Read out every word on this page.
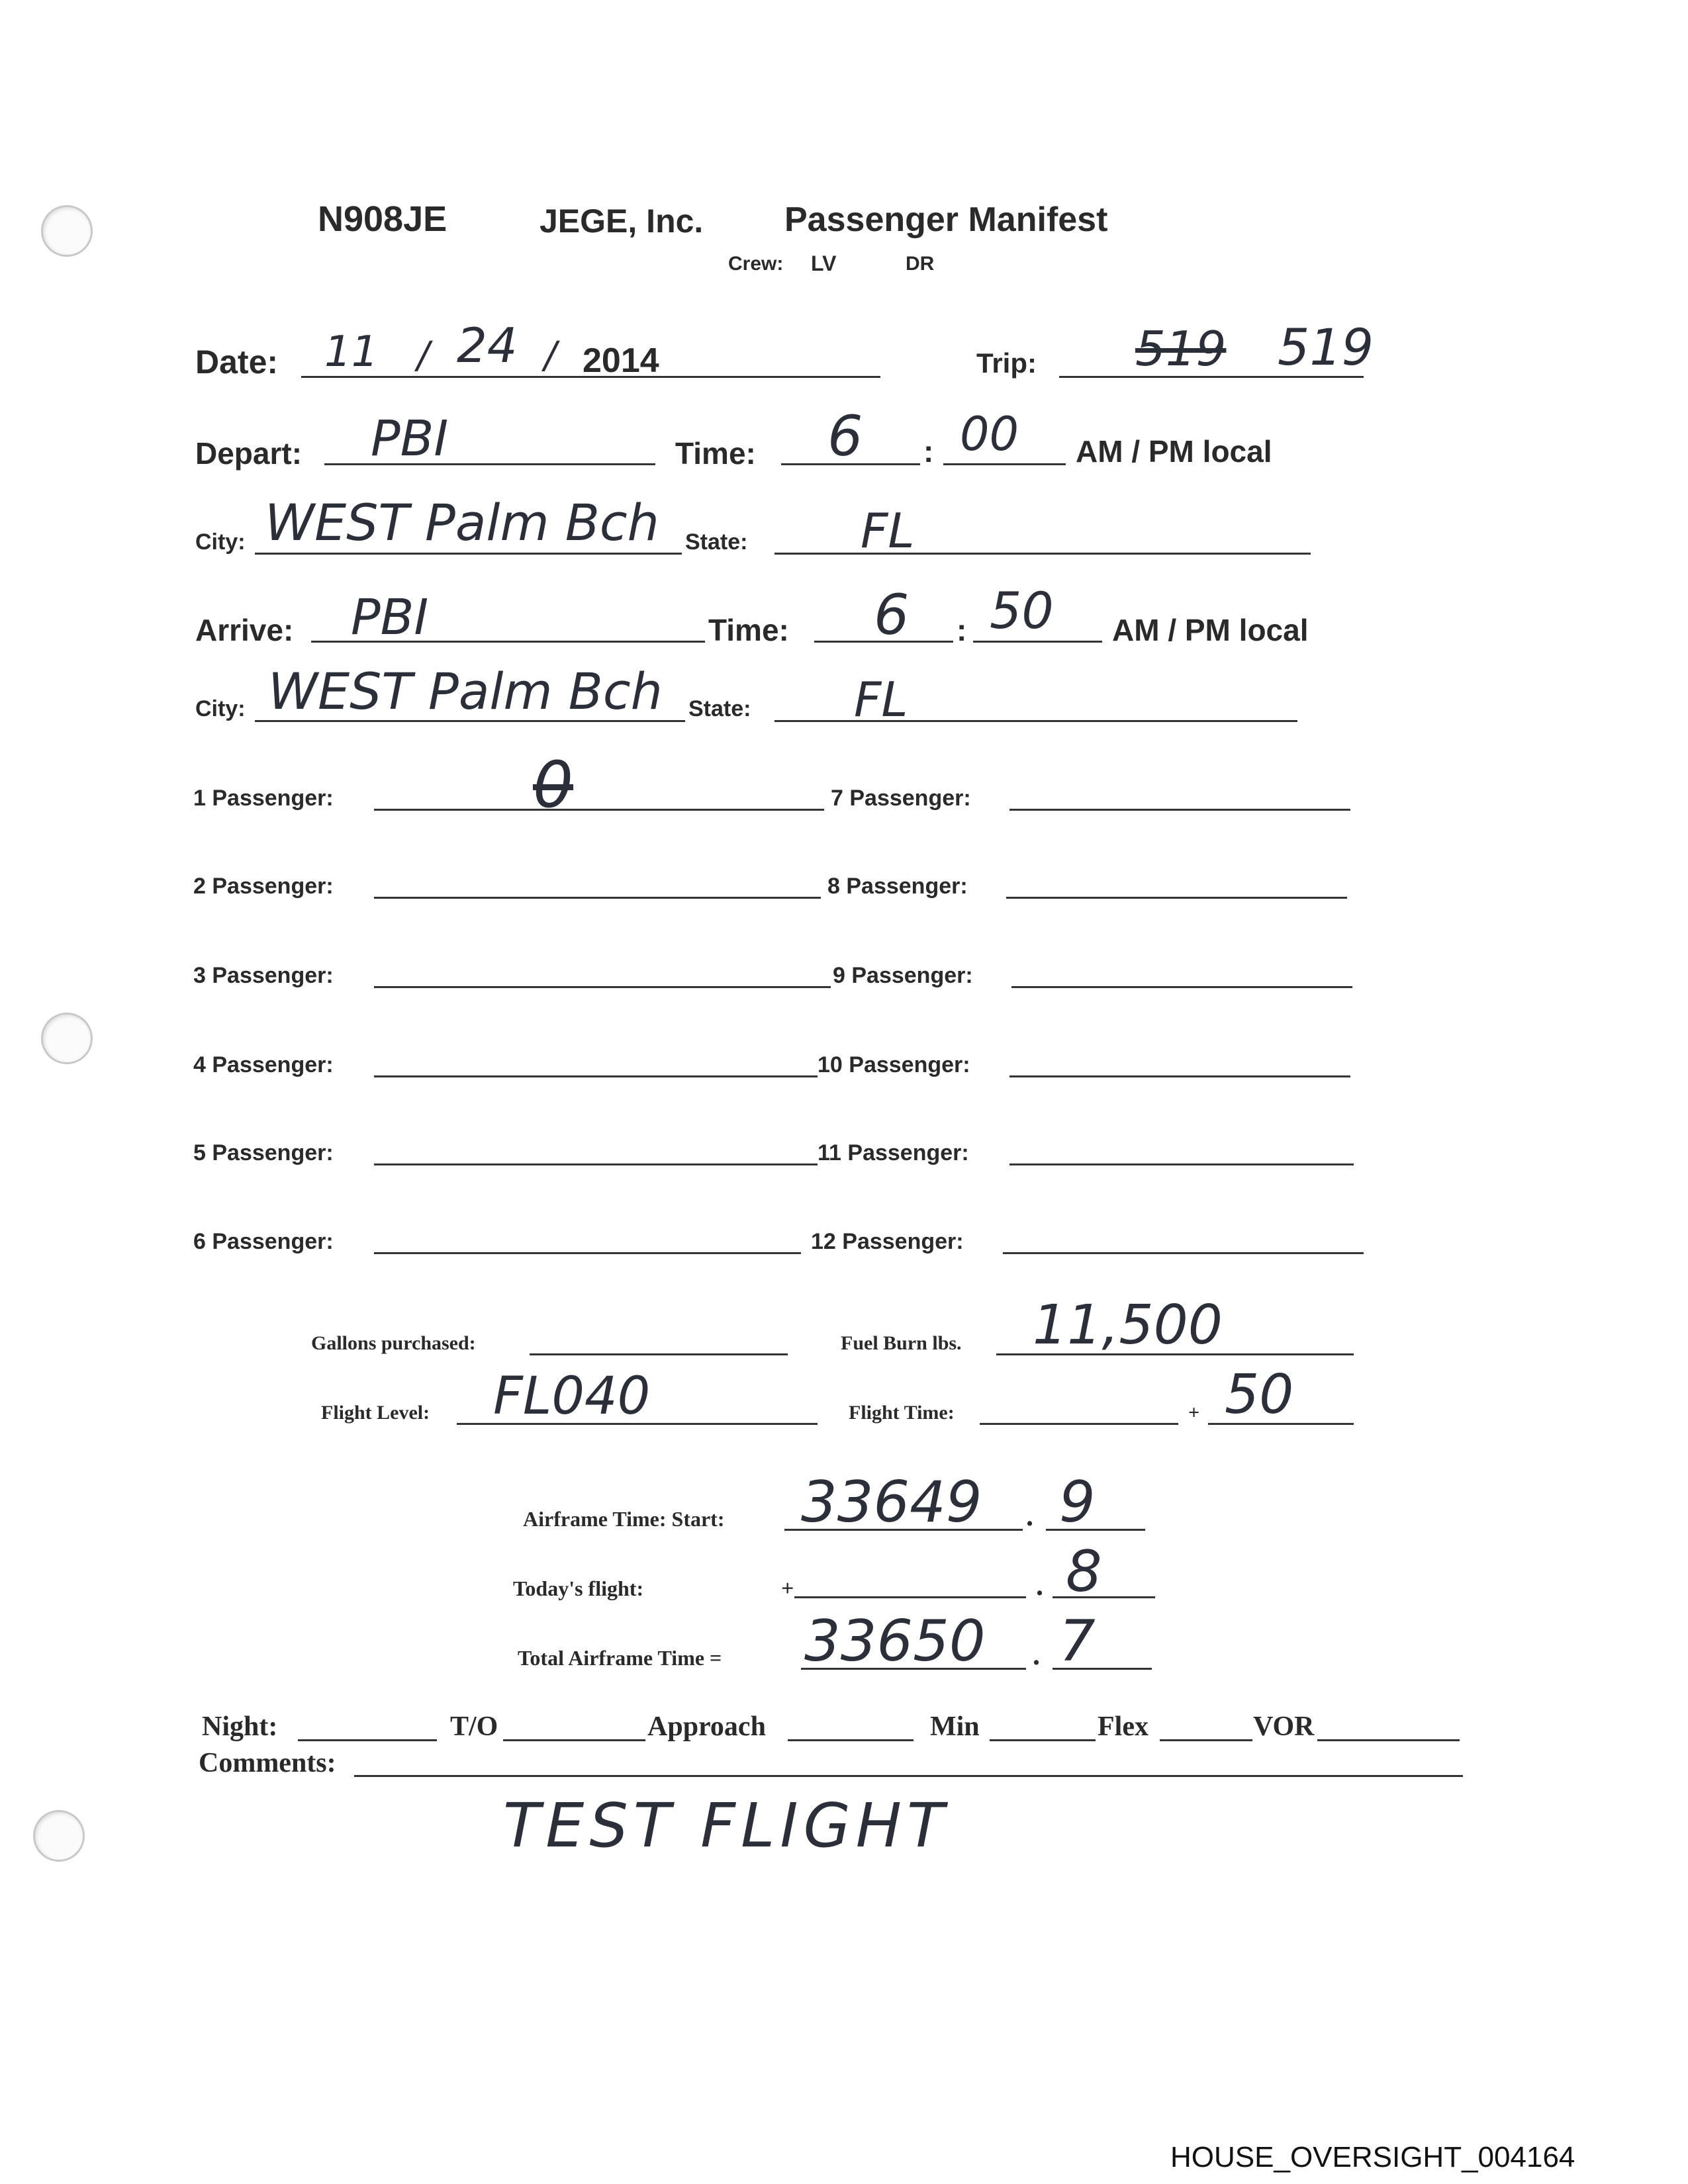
N908JE	JEGE, Inc. Passenger Manifest
Crew: LV	DR
Date: 11 / 24 / 2014	Trip: 519 519
Depart: PBI	Time: 6 : 00 AM / PM local
City: WEST Palm Bch State: FL
Arrive: PBI	Time: 6 : 50 AM / PM local
City: WEST Palm Bch State: FL
1 Passenger:	0
2 Passenger:
3 Passenger:
4 Passenger:
5 Passenger:
6 Passenger:
7 Passenger:
8 Passenger:
9 Passenger:
10 Passenger:
11 Passenger:
12 Passenger:
Gallons purchased:	Fuel Burn lbs. 11,500
Flight Level: FL040	Flight Time:	+ 50
Airframe Time: Start: 33649 . 9
Today's flight:	+	. 8
Total Airframe Time = 33650 . 7
Night:	T/O	Approach	Min	Flex	VOR
Comments:
TEST FLIGHT
HOUSE_OVERSIGHT_004164
